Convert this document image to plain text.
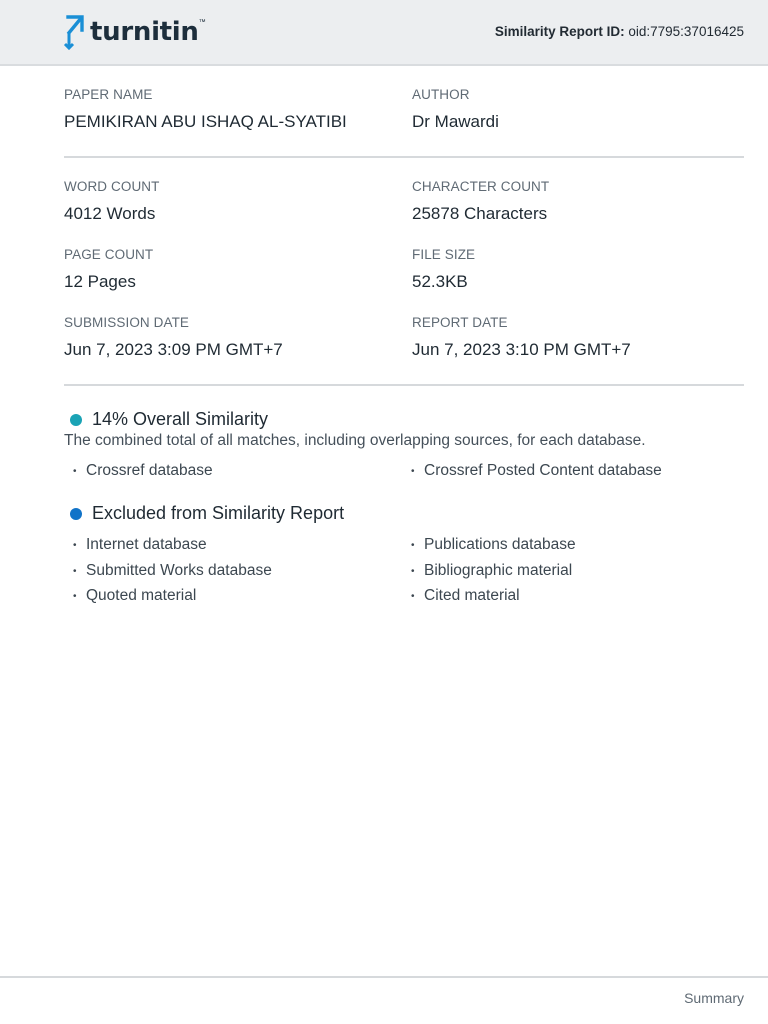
turnitin ™
Similarity Report ID: oid:7795:37016425
PAPER NAME
PEMIKIRAN ABU ISHAQ AL-SYATIBI
AUTHOR
Dr Mawardi
WORD COUNT
4012 Words
CHARACTER COUNT
25878 Characters
PAGE COUNT
12 Pages
FILE SIZE
52.3KB
SUBMISSION DATE
Jun 7, 2023 3:09 PM GMT+7
REPORT DATE
Jun 7, 2023 3:10 PM GMT+7
14% Overall Similarity
The combined total of all matches, including overlapping sources, for each database.
• Crossref database	• Crossref Posted Content database
Excluded from Similarity Report
• Internet database
• Submitted Works database
• Quoted material
• Publications database
• Bibliographic material
• Cited material
Summary
